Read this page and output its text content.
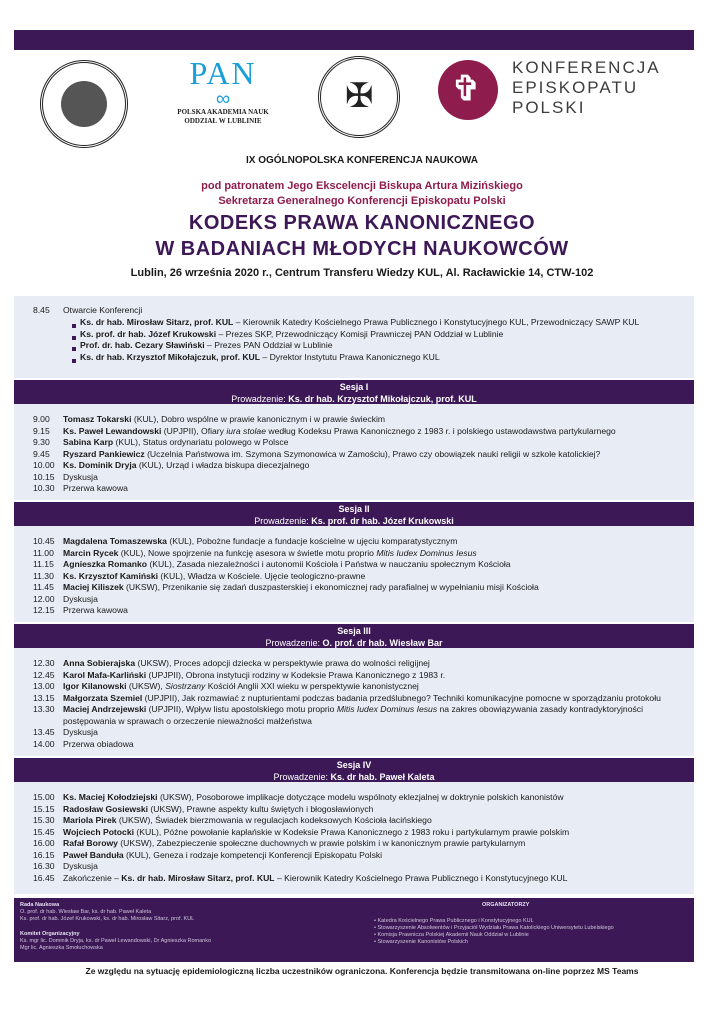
PAN
∞
POLSKA AKADEMIA NAUK
ODDZIAŁ W LUBLINIE
✠ ✞
KONFERENCJA
EPISKOPATU
POLSKI
IX OGÓLNOPOLSKA KONFERENCJA NAUKOWA
pod patronatem Jego Ekscelencji Biskupa Artura Mizińskiego
Sekretarza Generalnego Konferencji Episkopatu Polski
KODEKS PRAWA KANONICZNEGO
W BADANIACH MŁODYCH NAUKOWCÓW
Lublin, 26 września 2020 r., Centrum Transferu Wiedzy KUL, Al. Racławickie 14, CTW-102
8.45 Otwarcie Konferencji
Ks. dr hab. Mirosław Sitarz, prof. KUL – Kierownik Katedry Kościelnego Prawa Publicznego i Konstytucyjnego KUL, Przewodniczący SAWP KUL
Ks. prof. dr hab. Józef Krukowski – Prezes SKP, Przewodniczący Komisji Prawniczej PAN Oddział w Lublinie
Prof. dr. hab. Cezary Sławiński – Prezes PAN Oddział w Lublinie
Ks. dr hab. Krzysztof Mikołajczuk, prof. KUL – Dyrektor Instytutu Prawa Kanonicznego KUL
Sesja I
Prowadzenie: Ks. dr hab. Krzysztof Mikołajczuk, prof. KUL
9.00 Tomasz Tokarski (KUL), Dobro wspólne w prawie kanonicznym i w prawie świeckim
9.15 Ks. Paweł Lewandowski (UPJPII), Ofiary iura stolae według Kodeksu Prawa Kanonicznego z 1983 r. i polskiego ustawodawstwa partykularnego
9.30 Sabina Karp (KUL), Status ordynariatu polowego w Polsce
9.45 Ryszard Pankiewicz (Uczelnia Państwowa im. Szymona Szymonowica w Zamościu), Prawo czy obowiązek nauki religii w szkole katolickiej?
10.00 Ks. Dominik Dryja (KUL), Urząd i władza biskupa diecezjalnego
10.15 Dyskusja
10.30 Przerwa kawowa
Sesja II
Prowadzenie: Ks. prof. dr hab. Józef Krukowski
10.45 Magdalena Tomaszewska (KUL), Pobożne fundacje a fundacje kościelne w ujęciu komparatystycznym
11.00 Marcin Rycek (KUL), Nowe spojrzenie na funkcję asesora w świetle motu proprio Mitis Iudex Dominus Iesus
11.15 Agnieszka Romanko (KUL), Zasada niezależności i autonomii Kościoła i Państwa w nauczaniu społecznym Kościoła
11.30 Ks. Krzysztof Kamiński (KUL), Władza w Kościele. Ujęcie teologiczno-prawne
11.45 Maciej Kiliszek (UKSW), Przenikanie się zadań duszpasterskiej i ekonomicznej rady parafialnej w wypełnianiu misji Kościoła
12.00 Dyskusja
12.15 Przerwa kawowa
Sesja III
Prowadzenie: O. prof. dr hab. Wiesław Bar
12.30 Anna Sobierajska (UKSW), Proces adopcji dziecka w perspektywie prawa do wolności religijnej
12.45 Karol Mafa-Karliński (UPJPII), Obrona instytucji rodziny w Kodeksie Prawa Kanonicznego z 1983 r.
13.00 Igor Kilanowski (UKSW), Siostrzany Kościół Anglii XXI wieku w perspektywie kanonistycznej
13.15 Małgorzata Szemiel (UPJPII), Jak rozmawiać z nupturientami podczas badania przedślubnego? Techniki komunikacyjne pomocne w sporządzaniu protokołu
13.30 Maciej Andrzejewski (UPJPII), Wpływ listu apostolskiego motu proprio Mitis Iudex Dominus Iesus na zakres obowiązywania zasady kontradyktoryjności
postępowania w sprawach o orzeczenie nieważności małżeństwa
13.45 Dyskusja
14.00 Przerwa obiadowa
Sesja IV
Prowadzenie: Ks. dr hab. Paweł Kaleta
15.00 Ks. Maciej Kołodziejski (UKSW), Posoborowe implikacje dotyczące modelu wspólnoty eklezjalnej w doktrynie polskich kanonistów
15.15 Radosław Gosiewski (UKSW), Prawne aspekty kultu świętych i błogosławionych
15.30 Mariola Pirek (UKSW), Świadek bierzmowania w regulacjach kodeksowych Kościoła łacińskiego
15.45 Wojciech Potocki (KUL), Późne powołanie kapłańskie w Kodeksie Prawa Kanonicznego z 1983 roku i partykularnym prawie polskim
16.00 Rafał Borowy (UKSW), Zabezpieczenie społeczne duchownych w prawie polskim i w kanonicznym prawie partykularnym
16.15 Paweł Banduła (KUL), Geneza i rodzaje kompetencji Konferencji Episkopatu Polski
16.30 Dyskusja
16.45 Zakończenie – Ks. dr hab. Mirosław Sitarz, prof. KUL – Kierownik Katedry Kościelnego Prawa Publicznego i Konstytucyjnego KUL
Rada Naukowa
O. prof. dr hab. Wiesław Bar, ks. dr hab. Paweł Kaleta
Ks. prof. dr hab. Józef Krukowski, ks. dr hab. Mirosław Sitarz, prof. KUL
Komitet Organizacyjny
Ks. mgr lic. Dominik Dryja, ks. dr Paweł Lewandowski, Dr Agnieszka Romanko
Mgr lic. Agnieszka Smołuchowska
ORGANIZATORZY
• Katedra Kościelnego Prawa Publicznego i Konstytucyjnego KUL
• Stowarzyszenie Absolwentów i Przyjaciół Wydziału Prawa Katolickiego Uniwersytetu Lubelskiego
• Komisja Prawnicza Polskiej Akademii Nauk Oddział w Lublinie
• Stowarzyszenie Kanonistów Polskich
Ze względu na sytuację epidemiologiczną liczba uczestników ograniczona. Konferencja będzie transmitowana on-line poprzez MS Teams
